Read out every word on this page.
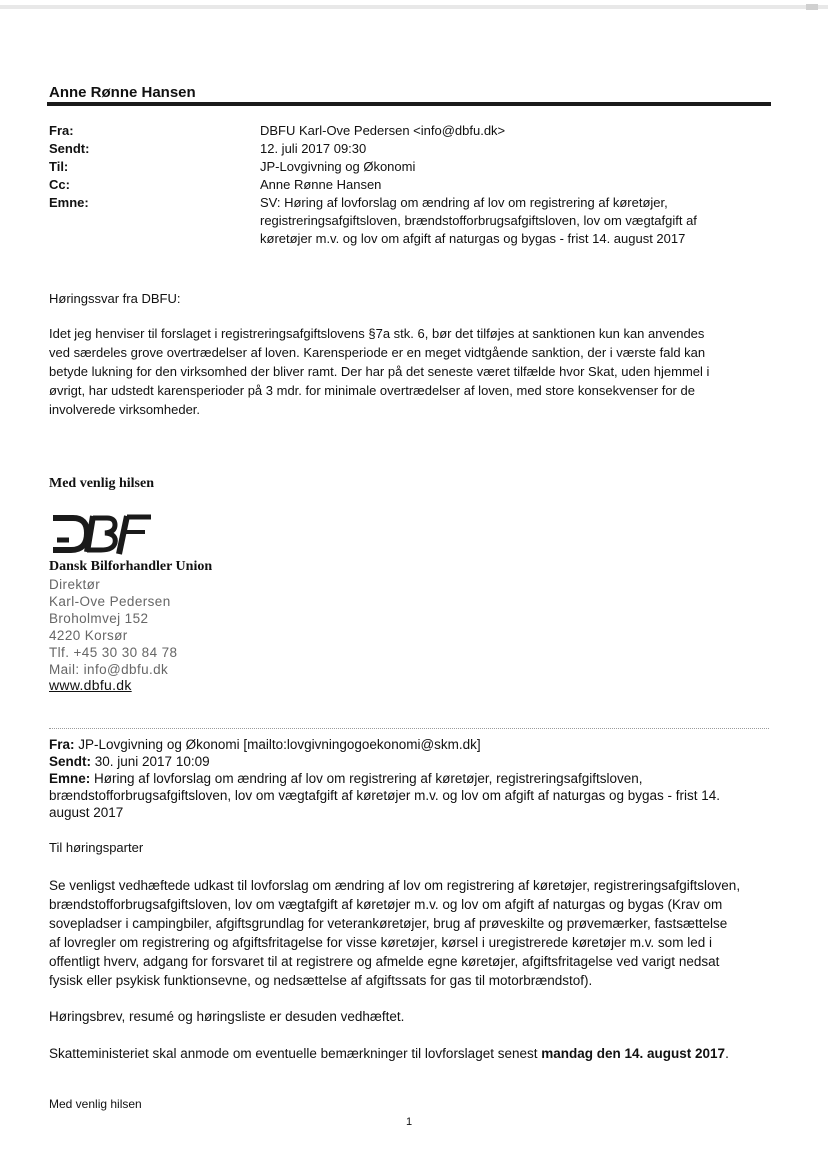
Anne Rønne Hansen
Fra:	DBFU Karl-Ove Pedersen <info@dbfu.dk>
Sendt:	12. juli 2017 09:30
Til:	JP-Lovgivning og Økonomi
Cc:	Anne Rønne Hansen
Emne:	SV: Høring af lovforslag om ændring af lov om registrering af køretøjer,
registreringsafgiftsloven, brændstofforbrugsafgiftsloven, lov om vægtafgift af
køretøjer m.v. og lov om afgift af naturgas og bygas - frist 14. august 2017
Høringssvar fra DBFU:
Idet jeg henviser til forslaget i registreringsafgiftslovens §7a stk. 6, bør det tilføjes at sanktionen kun kan anvendes
ved særdeles grove overtrædelser af loven. Karensperiode er en meget vidtgående sanktion, der i værste fald kan
betyde lukning for den virksomhed der bliver ramt. Der har på det seneste været tilfælde hvor Skat, uden hjemmel i
øvrigt, har udstedt karensperioder på 3 mdr. for minimale overtrædelser af loven, med store konsekvenser for de
involverede virksomheder.
Med venlig hilsen
Dansk Bilforhandler Union
Direktør
Karl-Ove Pedersen
Broholmvej 152
4220 Korsør
Tlf. +45 30 30 84 78
Mail: info@dbfu.dk
www.dbfu.dk
Fra: JP-Lovgivning og Økonomi [mailto:lovgivningogoekonomi@skm.dk]
Sendt: 30. juni 2017 10:09
Emne: Høring af lovforslag om ændring af lov om registrering af køretøjer, registreringsafgiftsloven,
brændstofforbrugsafgiftsloven, lov om vægtafgift af køretøjer m.v. og lov om afgift af naturgas og bygas - frist 14.
august 2017
Til høringsparter
Se venligst vedhæftede udkast til lovforslag om ændring af lov om registrering af køretøjer, registreringsafgiftsloven,
brændstofforbrugsafgiftsloven, lov om vægtafgift af køretøjer m.v. og lov om afgift af naturgas og bygas (Krav om
sovepladser i campingbiler, afgiftsgrundlag for veterankøretøjer, brug af prøveskilte og prøvemærker, fastsættelse
af lovregler om registrering og afgiftsfritagelse for visse køretøjer, kørsel i uregistrerede køretøjer m.v. som led i
offentligt hverv, adgang for forsvaret til at registrere og afmelde egne køretøjer, afgiftsfritagelse ved varigt nedsat
fysisk eller psykisk funktionsevne, og nedsættelse af afgiftssats for gas til motorbrændstof).
Høringsbrev, resumé og høringsliste er desuden vedhæftet.
Skatteministeriet skal anmode om eventuelle bemærkninger til lovforslaget senest mandag den 14. august 2017.
Med venlig hilsen
1
